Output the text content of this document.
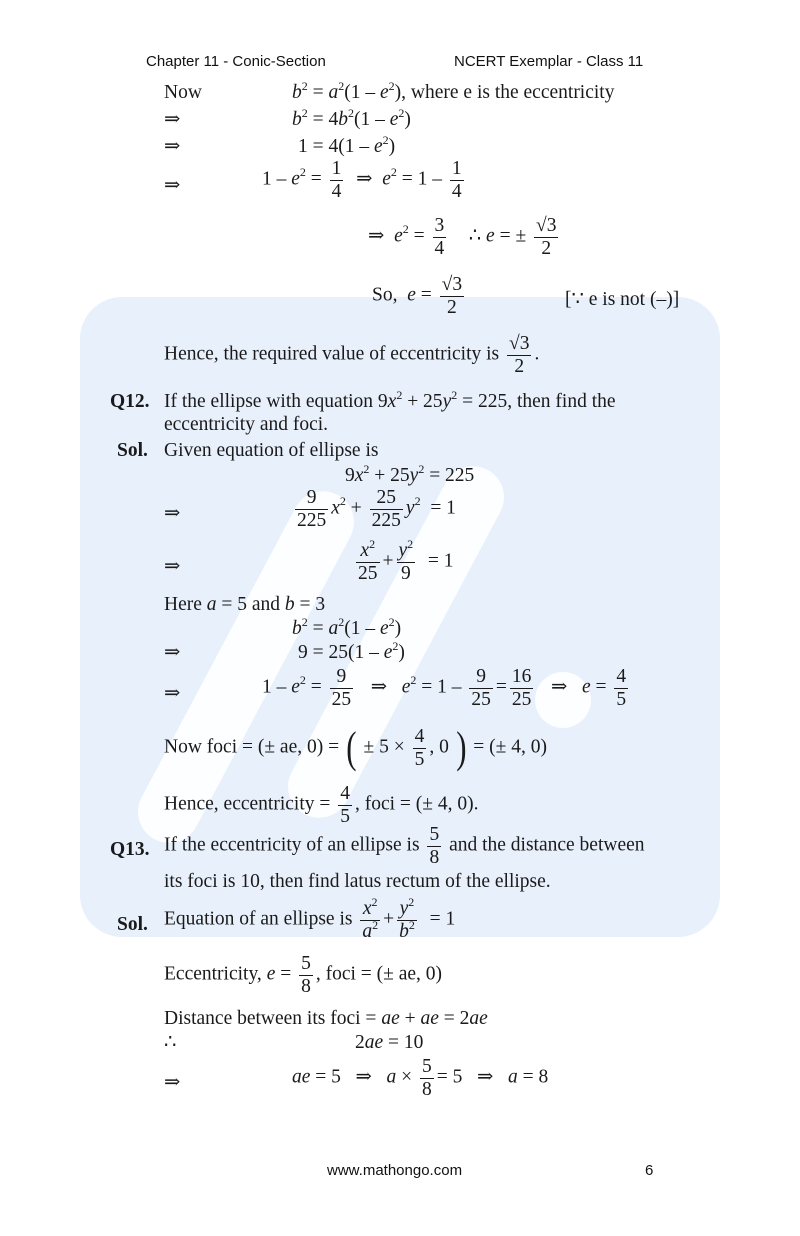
Chapter 11 - Conic-Section	NCERT Exemplar - Class 11
Now	$b^2 = a^2(1 - e^2)$, where e is the eccentricity
⇒	$b^2 = 4b^2(1 - e^2)$
⇒	$1 = 4(1 - e^2)$
⇒	$1 - e^2 = \frac{1}{4}$ ⇒  $e^2 = 1 - \frac{1}{4}$
⇒  $e^2 = \frac{3}{4}$ ∴ e = ± $\frac{√3}{2}$
So, $e = \frac{√3}{2}$	[∵ e is not (–)]
Hence, the required value of eccentricity is $\frac{√3}{2}$ .
Q12. If the ellipse with equation $9x^2 + 25y^2 = 225$, then find the
eccentricity and foci.
Sol. Given equation of ellipse is
$9x^2 + 25y^2 = 225$
⇒	$\frac{9}{225} x^2 + \frac{25}{225} y^2 = 1$
⇒	$\frac{x^2}{25} + \frac{y^2}{9} = 1$
Here a = 5 and b = 3
$b^2 = a^2(1 - e^2)$
⇒	$9 = 25(1 - e^2)$
⇒	$1 - e^2 = \frac{9}{25}$ ⇒   $e^2 = 1 - \frac{9}{25} = \frac{16}{25}$ ⇒   $e = \frac{4}{5}$
Now foci = (± ae, 0) = ( ± $5 \times \frac{4}{5}$ , 0 ) = (± 4, 0)
Hence, eccentricity = $\frac{4}{5}$ , foci = (± 4, 0).
Q13. If the eccentricity of an ellipse is $\frac{5}{8}$ and the distance between
its foci is 10, then find latus rectum of the ellipse.
Sol. Equation of an ellipse is $\frac{x^2}{a^2} + \frac{y^2}{b^2} = 1$
Eccentricity, $e = \frac{5}{8}$ , foci = (± ae, 0)
Distance between its foci = ae + ae = 2ae
∴	2ae = 10
⇒	ae = 5   ⇒   $a \times \frac{5}{8} = 5$   ⇒   a = 8
www.mathongo.com	6
